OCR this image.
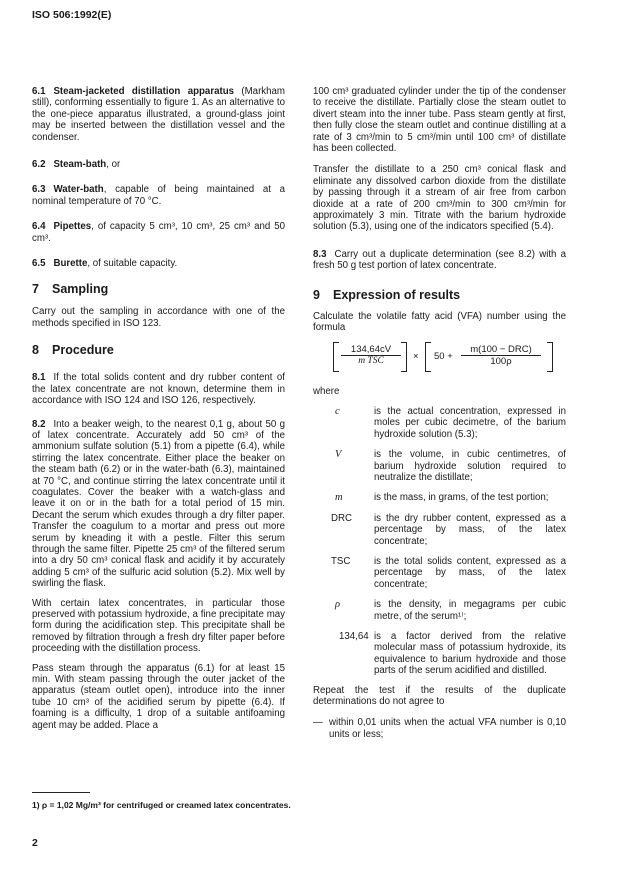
ISO 506:1992(E)
6.1 Steam-jacketed distillation apparatus (Markham still), conforming essentially to figure 1. As an alternative to the one-piece apparatus illustrated, a ground-glass joint may be inserted between the distillation vessel and the condenser.
6.2 Steam-bath, or
6.3 Water-bath, capable of being maintained at a nominal temperature of 70 °C.
6.4 Pipettes, of capacity 5 cm³, 10 cm³, 25 cm³ and 50 cm³.
6.5 Burette, of suitable capacity.
7 Sampling
Carry out the sampling in accordance with one of the methods specified in ISO 123.
8 Procedure
8.1 If the total solids content and dry rubber content of the latex concentrate are not known, determine them in accordance with ISO 124 and ISO 126, respectively.
8.2 Into a beaker weigh, to the nearest 0,1 g, about 50 g of latex concentrate. Accurately add 50 cm³ of the ammonium sulfate solution (5.1) from a pipette (6.4), while stirring the latex concentrate. Either place the beaker on the steam bath (6.2) or in the water-bath (6.3), maintained at 70 °C, and continue stirring the latex concentrate until it coagulates. Cover the beaker with a watch-glass and leave it on or in the bath for a total period of 15 min. Decant the serum which exudes through a dry filter paper. Transfer the coagulum to a mortar and press out more serum by kneading it with a pestle. Filter this serum through the same filter. Pipette 25 cm³ of the filtered serum into a dry 50 cm³ conical flask and acidify it by accurately adding 5 cm³ of the sulfuric acid solution (5.2). Mix well by swirling the flask.
With certain latex concentrates, in particular those preserved with potassium hydroxide, a fine precipitate may form during the acidification step. This precipitate shall be removed by filtration through a fresh dry filter paper before proceeding with the distillation process.
Pass steam through the apparatus (6.1) for at least 15 min. With steam passing through the outer jacket of the apparatus (steam outlet open), introduce into the inner tube 10 cm³ of the acidified serum by pipette (6.4). If foaming is a difficulty, 1 drop of a suitable antifoaming agent may be added. Place a
100 cm³ graduated cylinder under the tip of the condenser to receive the distillate. Partially close the steam outlet to divert steam into the inner tube. Pass steam gently at first, then fully close the steam outlet and continue distilling at a rate of 3 cm³/min to 5 cm³/min until 100 cm³ of distillate has been collected.
Transfer the distillate to a 250 cm³ conical flask and eliminate any dissolved carbon dioxide from the distillate by passing through it a stream of air free from carbon dioxide at a rate of 200 cm³/min to 300 cm³/min for approximately 3 min. Titrate with the barium hydroxide solution (5.3), using one of the indicators specified (5.4).
8.3 Carry out a duplicate determination (see 8.2) with a fresh 50 g test portion of latex concentrate.
9 Expression of results
Calculate the volatile fatty acid (VFA) number using the formula
134,64cV
m TSC	× 50 +
m(100 − DRC)
100ρ
where
c	is the actual concentration, expressed in moles per cubic decimetre, of the barium hydroxide solution (5.3);
V	is the volume, in cubic centimetres, of barium hydroxide solution required to neutralize the distillate;
m	is the mass, in grams, of the test portion;
DRC is the dry rubber content, expressed as a percentage by mass, of the latex concentrate;
TSC is the total solids content, expressed as a percentage by mass, of the latex concentrate;
ρ	is the density, in megagrams per cubic metre, of the serum¹⁾;
134,64 is a factor derived from the relative molecular mass of potassium hydroxide, its equivalence to barium hydroxide and those parts of the serum acidified and distilled.
Repeat the test if the results of the duplicate determinations do not agree to
— within 0,01 units when the actual VFA number is 0,10 units or less;
1) ρ = 1,02 Mg/m³ for centrifuged or creamed latex concentrates.
2
